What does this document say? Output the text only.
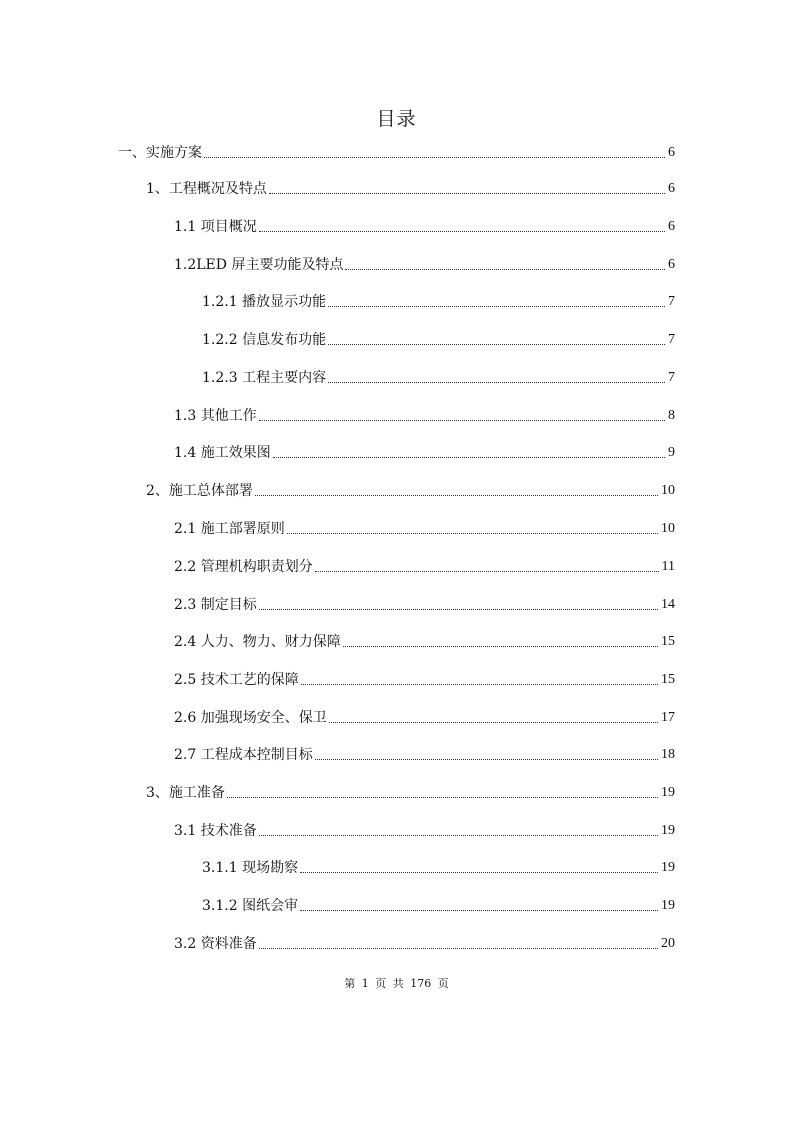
目录
一、实施方案	6
1、工程概况及特点	6
1.1 项目概况	6
1.2LED 屏主要功能及特点	6
1.2.1 播放显示功能	7
1.2.2 信息发布功能	7
1.2.3 工程主要内容	7
1.3 其他工作	8
1.4 施工效果图	9
2、施工总体部署	10
2.1 施工部署原则	10
2.2 管理机构职责划分	11
2.3 制定目标	14
2.4 人力、物力、财力保障	15
2.5 技术工艺的保障	15
2.6 加强现场安全、保卫	17
2.7 工程成本控制目标	18
3、施工准备	19
3.1 技术准备	19
3.1.1 现场勘察	19
3.1.2 图纸会审	19
3.2 资料准备	20
第 1 页 共 176 页
